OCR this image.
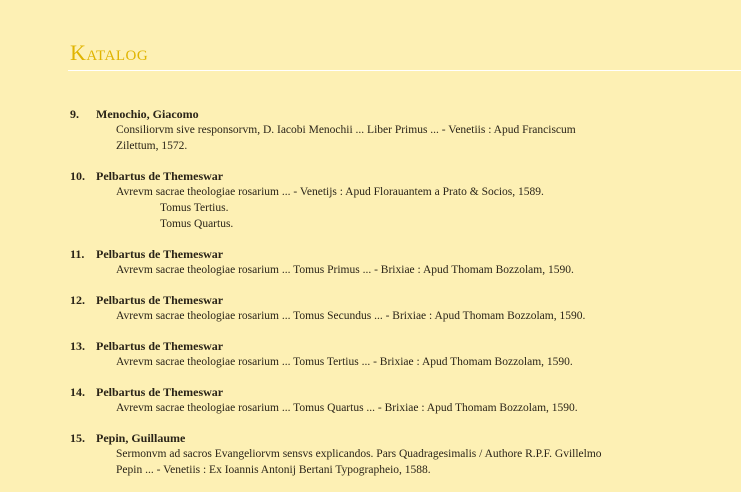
Katalog
9.	Menochio, Giacomo
Consiliorvm sive responsorvm, D. Iacobi Menochii ... Liber Primus ... - Venetiis : Apud Franciscum
Zilettum, 1572.
10. Pelbartus de Themeswar
Avrevm sacrae theologiae rosarium ... - Venetijs : Apud Florauantem a Prato & Socios, 1589.
Tomus Tertius.
Tomus Quartus.
11. Pelbartus de Themeswar
Avrevm sacrae theologiae rosarium ... Tomus Primus ... - Brixiae : Apud Thomam Bozzolam, 1590.
12. Pelbartus de Themeswar
Avrevm sacrae theologiae rosarium ... Tomus Secundus ... - Brixiae : Apud Thomam Bozzolam, 1590.
13. Pelbartus de Themeswar
Avrevm sacrae theologiae rosarium ... Tomus Tertius ... - Brixiae : Apud Thomam Bozzolam, 1590.
14. Pelbartus de Themeswar
Avrevm sacrae theologiae rosarium ... Tomus Quartus ... - Brixiae : Apud Thomam Bozzolam, 1590.
15. Pepin, Guillaume
Sermonvm ad sacros Evangeliorvm sensvs explicandos. Pars Quadragesimalis / Authore R.P.F. Gvillelmo
Pepin ... - Venetiis : Ex Ioannis Antonij Bertani Typographeio, 1588.
